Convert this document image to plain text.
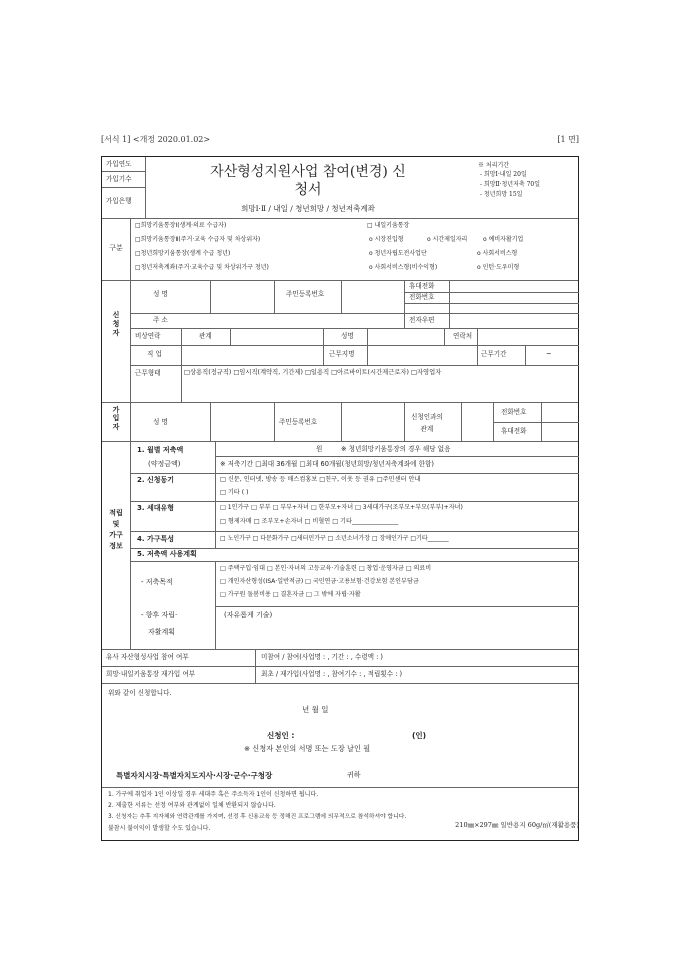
[서식 1] <개정 2020.01.02>	[1 면]
가입연도
가입기수
가입은행
자산형성지원사업 참여(변경) 신
청서
희망Ⅰ·Ⅱ / 내일 / 청년희망 / 청년저축계좌
※ 처리기간
- 희망Ⅰ·내일 20일
- 희망Ⅱ·청년저축 70일
- 청년희망 15일
구분
□희망키움통장Ⅰ(생계·의료 수급자)
□희망키움통장Ⅱ(주거·교육 수급자 및 차상위자)
□청년희망키움통장(생계 수급 청년)
□청년저축계좌(주거·교육수급 및 차상위가구 청년)
□ 내일키움통장
o 시장진입형	o 시간제일자리	o 예비자활기업
o 청년자립도전사업단	o 사회서비스형
o 사회서비스형(비수익형)	o 인턴·도우미형
신
청
자
성 명	주민등록번호
휴대전화
전화번호
주 소	전자우편
비상연락	관계	성명	연락처
직 업	근무지명	근무기간	~
근무형태	□상용직(정규직) □임시직(계약직, 기간제) □일용직 □아르바이트(시간제근로자) □자영업자
가
입
자
성 명	주민등록번호
신청인과의
관계
전화번호
휴대전화
적립
및
가구
정보
1. 월별 저축액
(약정금액)
원	※ 청년희망키움통장의 경우 해당 없음
※ 저축기간 □최대 36개월 □최대 60개월(청년희망/청년저축계좌에 한함)
2. 신청동기	□ 신문, 인터넷, 방송 등 매스컴홍보 □친구, 이웃 등 권유 □주민센터 안내
□ 기타 ( )
3. 세대유형	□ 1인가구 □ 부부 □ 부부+자녀 □ 한부모+자녀 □ 3세대가구(조부모+부모(부부)+자녀)
□ 형제자매 □ 조부모+손자녀 □ 비혈연 □ 기타_______________
4. 가구특성	□ 노인가구 □ 다문화가구 □새터민가구 □ 소년소녀가장 □ 장애인가구 □기타_______
5. 저축액 사용계획
- 저축목적
□ 주택구입·임대 □ 본인·자녀의 고등교육·기술훈련 □ 창업·운영자금 □ 의료비
□ 개인자산형성(ISA·일반적금) □ 국민연금·고용보험·건강보험 본인부담금
□ 가구원 돌봄비용 □ 결혼자금 □ 그 밖에 자립·자활
- 향후 자립·
자활계획
(자유롭게 기술)
유사 자산형성사업 참여 여부	미참여 / 참여(사업명 : , 기간 : , 수령액 : )
희망·내일키움통장 재가입 여부	최초 / 재가입(사업명 : , 참여기수 : , 적립횟수 : )
위와 같이 신청합니다.
년 월 일
신청인 :	(인)
※ 신청자 본인의 서명 또는 도장 날인 필
특별자치시장·특별자치도지사·시장·군수·구청장	귀하
1. 가구에 취업자 1인 이상일 경우 세대주 혹은 주소득자 1인이 신청하면 됩니다.
2. 제출한 서류는 선정 여부와 관계없이 일체 반환되지 않습니다.
3. 신청자는 추후 지자체와 연락관계를 가지며, 선정 후 신용교육 등 정해진 프로그램에 의무적으로 참석하셔야 합니다.
불참시 불이익이 발생할 수도 있습니다.	210㎜×297㎜ 일반용지 60g/㎡(재활용품)
